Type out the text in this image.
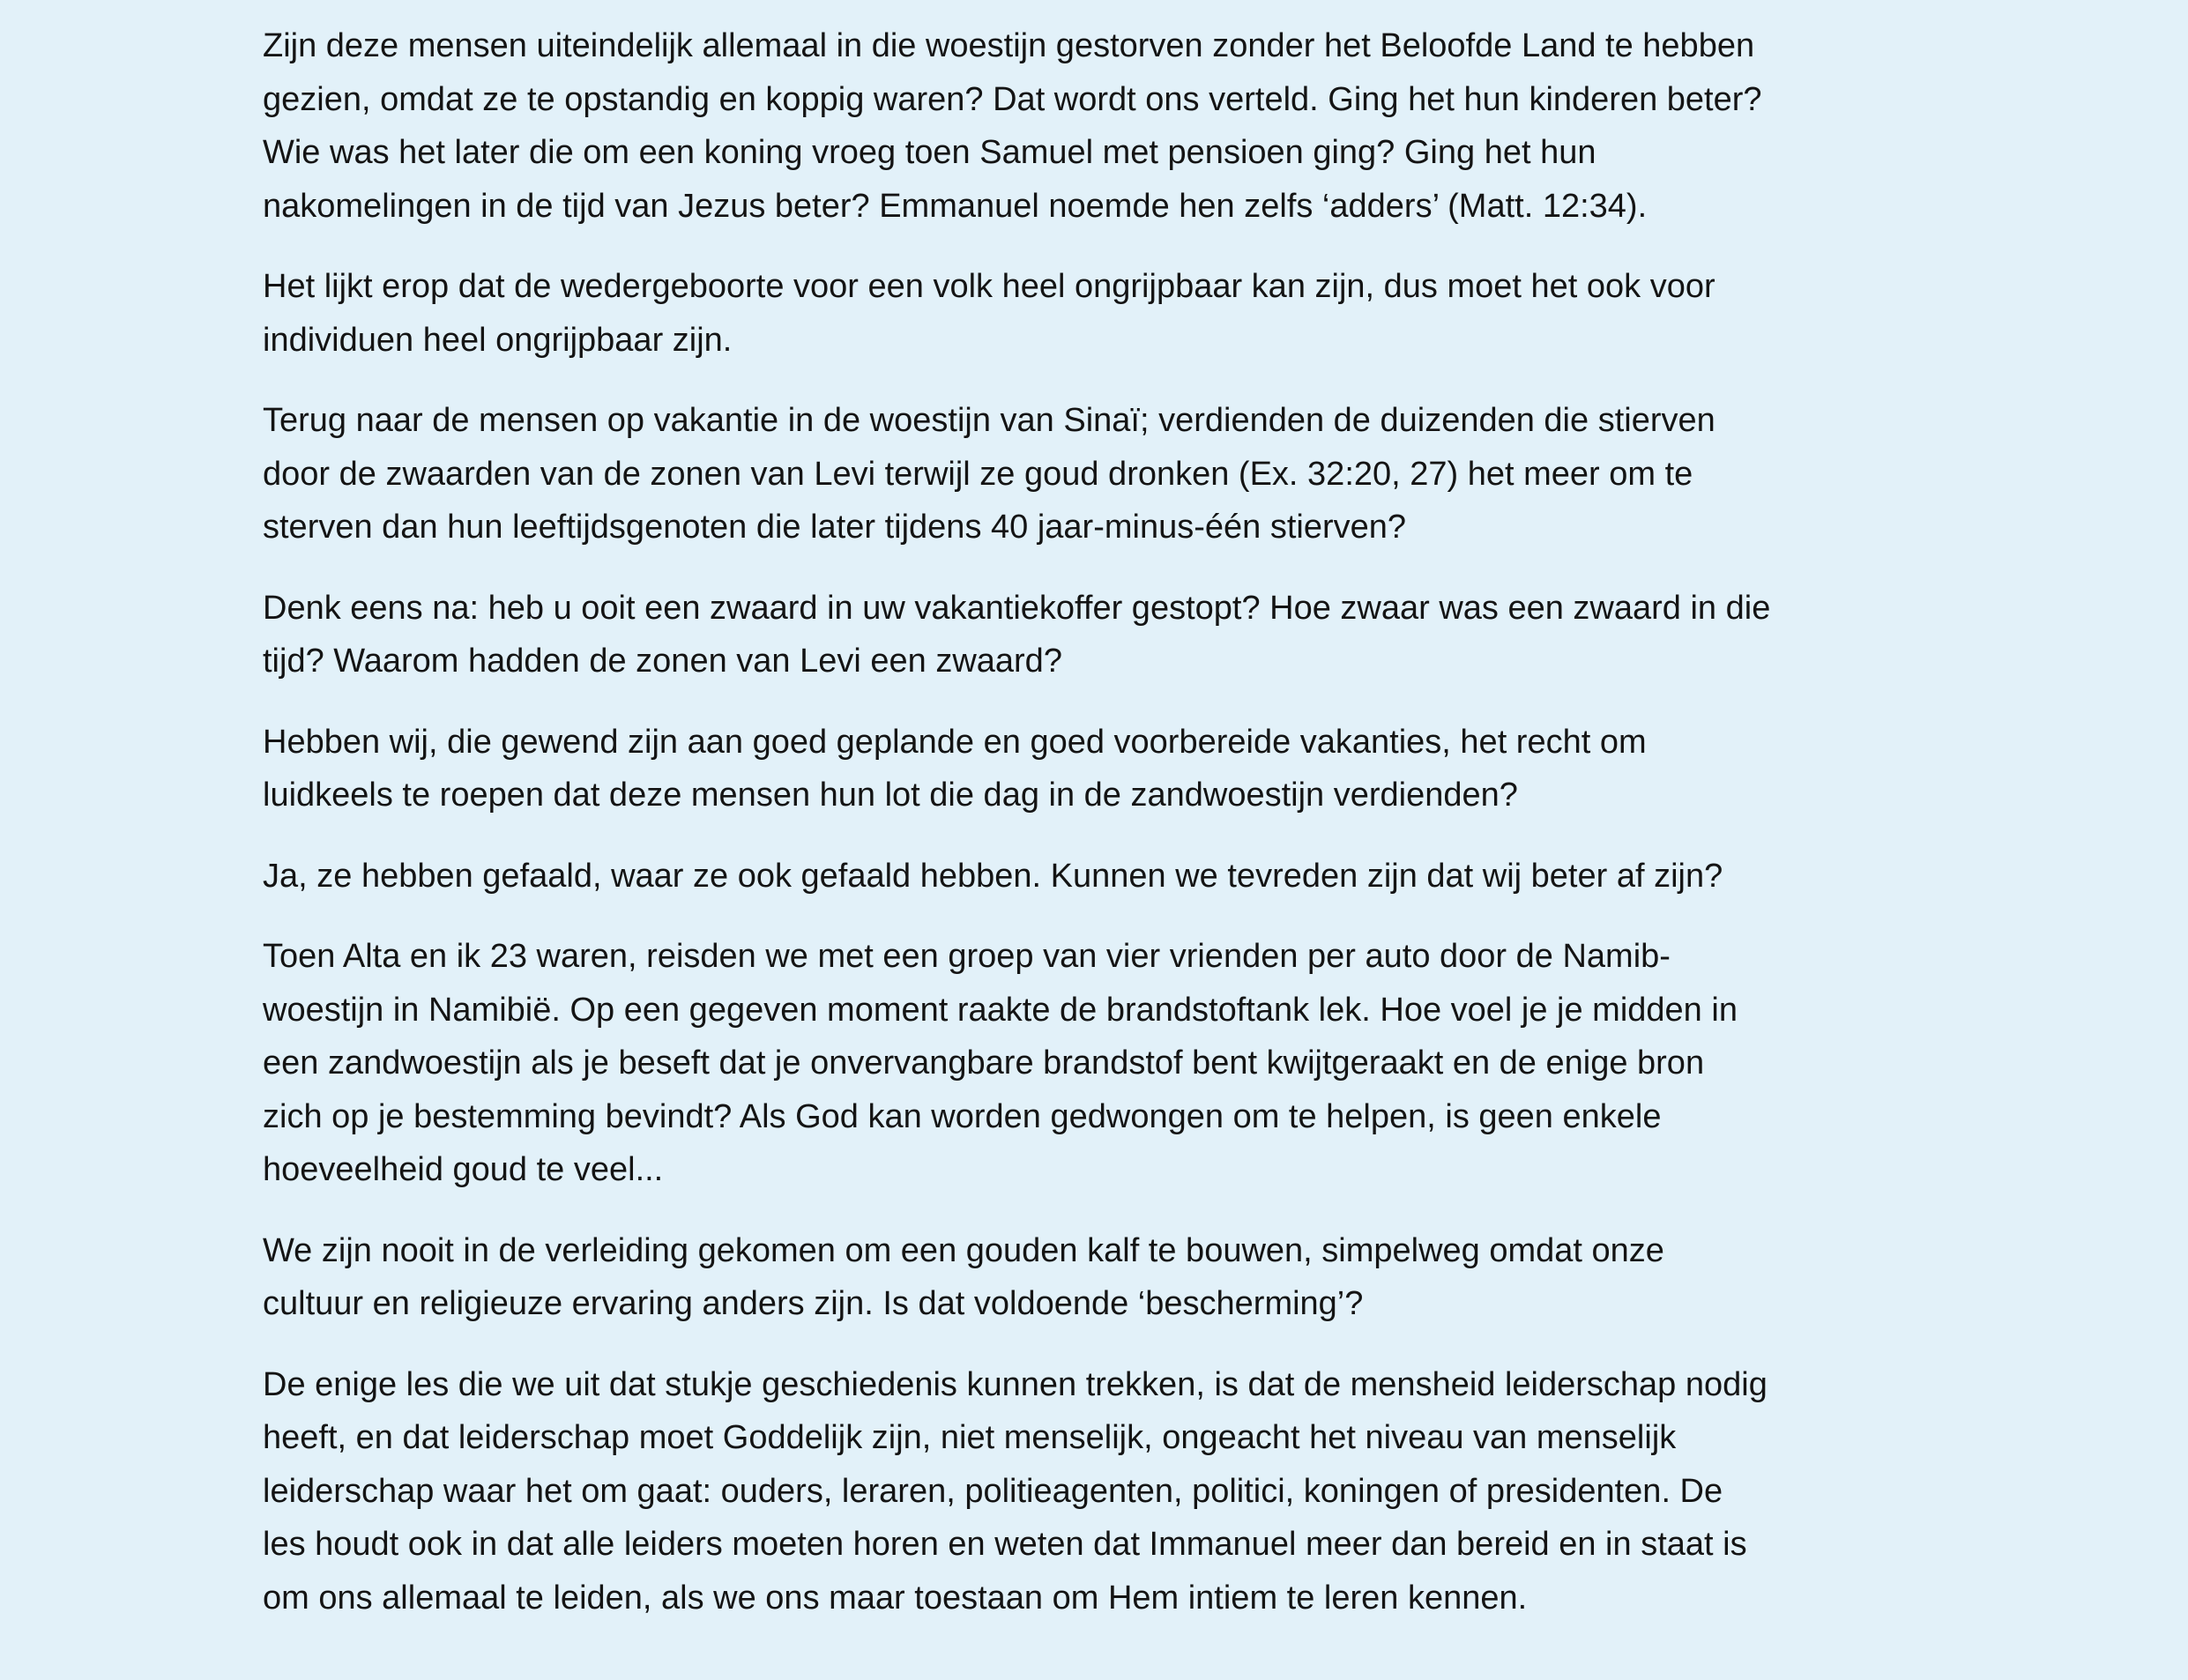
Zijn deze mensen uiteindelijk allemaal in die woestijn gestorven zonder het Beloofde Land te hebben
gezien, omdat ze te opstandig en koppig waren? Dat wordt ons verteld. Ging het hun kinderen beter?
Wie was het later die om een koning vroeg toen Samuel met pensioen ging? Ging het hun
nakomelingen in de tijd van Jezus beter? Emmanuel noemde hen zelfs ‘adders’ (Matt. 12:34).

Het lijkt erop dat de wedergeboorte voor een volk heel ongrijpbaar kan zijn, dus moet het ook voor
individuen heel ongrijpbaar zijn.

Terug naar de mensen op vakantie in de woestijn van Sinaï; verdienden de duizenden die stierven
door de zwaarden van de zonen van Levi terwijl ze goud dronken (Ex. 32:20, 27) het meer om te
sterven dan hun leeftijdsgenoten die later tijdens 40 jaar-minus-één stierven?

Denk eens na: heb u ooit een zwaard in uw vakantiekoffer gestopt? Hoe zwaar was een zwaard in die
tijd? Waarom hadden de zonen van Levi een zwaard?

Hebben wij, die gewend zijn aan goed geplande en goed voorbereide vakanties, het recht om
luidkeels te roepen dat deze mensen hun lot die dag in de zandwoestijn verdienden?

Ja, ze hebben gefaald, waar ze ook gefaald hebben. Kunnen we tevreden zijn dat wij beter af zijn?

Toen Alta en ik 23 waren, reisden we met een groep van vier vrienden per auto door de Namib-
woestijn in Namibië. Op een gegeven moment raakte de brandstoftank lek. Hoe voel je je midden in
een zandwoestijn als je beseft dat je onvervangbare brandstof bent kwijtgeraakt en de enige bron
zich op je bestemming bevindt? Als God kan worden gedwongen om te helpen, is geen enkele
hoeveelheid goud te veel...

We zijn nooit in de verleiding gekomen om een gouden kalf te bouwen, simpelweg omdat onze
cultuur en religieuze ervaring anders zijn. Is dat voldoende ‘bescherming’?

De enige les die we uit dat stukje geschiedenis kunnen trekken, is dat de mensheid leiderschap nodig
heeft, en dat leiderschap moet Goddelijk zijn, niet menselijk, ongeacht het niveau van menselijk
leiderschap waar het om gaat: ouders, leraren, politieagenten, politici, koningen of presidenten. De
les houdt ook in dat alle leiders moeten horen en weten dat Immanuel meer dan bereid en in staat is
om ons allemaal te leiden, als we ons maar toestaan om Hem intiem te leren kennen.
